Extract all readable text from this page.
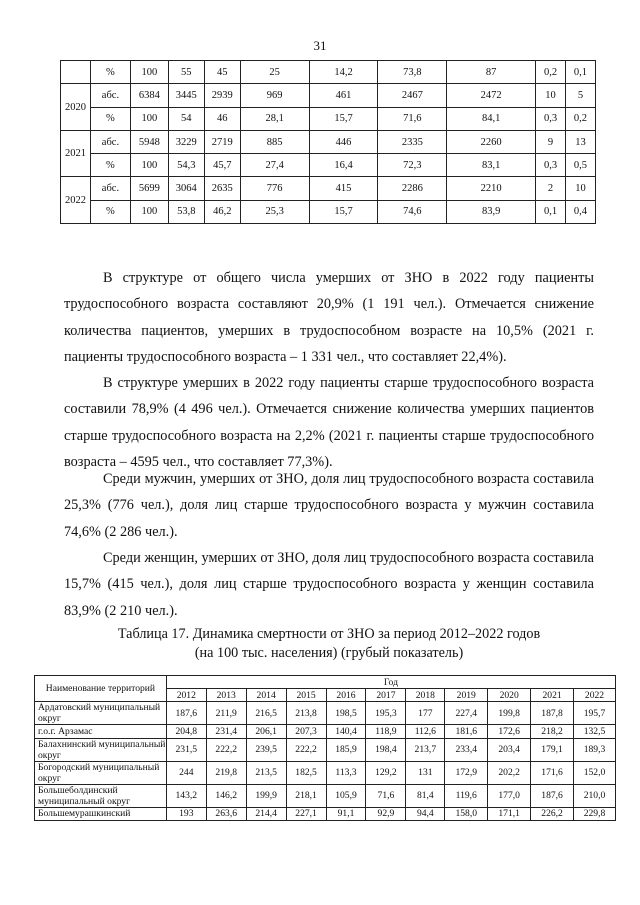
31
	%	100	55	45	25	14,2	73,8	87	0,2	0,1
2020	абс.	6384	3445	2939	969	461	2467	2472	10	5
	%	100	54	46	28,1	15,7	71,6	84,1	0,3	0,2
2021	абс.	5948	3229	2719	885	446	2335	2260	9	13
	%	100	54,3	45,7	27,4	16,4	72,3	83,1	0,3	0,5
2022	абс.	5699	3064	2635	776	415	2286	2210	2	10
	%	100	53,8	46,2	25,3	15,7	74,6	83,9	0,1	0,4

В структуре от общего числа умерших от ЗНО в 2022 году пациенты трудоспособного возраста составляют 20,9% (1 191 чел.). Отмечается снижение количества пациентов, умерших в трудоспособном возрасте на 10,5% (2021 г. пациенты трудоспособного возраста – 1 331 чел., что составляет 22,4%).

В структуре умерших в 2022 году пациенты старше трудоспособного возраста составили 78,9% (4 496 чел.). Отмечается снижение количества умерших пациентов старше трудоспособного возраста на 2,2% (2021 г. пациенты старше трудоспособного возраста – 4595 чел., что составляет 77,3%).

Среди мужчин, умерших от ЗНО, доля лиц трудоспособного возраста составила 25,3% (776 чел.), доля лиц старше трудоспособного возраста у мужчин составила 74,6% (2 286 чел.).

Среди женщин, умерших от ЗНО, доля лиц трудоспособного возраста составила 15,7% (415 чел.), доля лиц старше трудоспособного возраста у женщин составила 83,9% (2 210 чел.).

Таблица 17. Динамика смертности от ЗНО за период 2012–2022 годов
(на 100 тыс. населения) (грубый показатель)
Наименование территорий	Год										
	2012	2013	2014	2015	2016	2017	2018	2019	2020	2021	2022
Ардатовский муниципальный округ	187,6	211,9	216,5	213,8	198,5	195,3	177	227,4	199,8	187,8	195,7
г.о.г. Арзамас	204,8	231,4	206,1	207,3	140,4	118,9	112,6	181,6	172,6	218,2	132,5
Балахнинский муниципальный округ	231,5	222,2	239,5	222,2	185,9	198,4	213,7	233,4	203,4	179,1	189,3
Богородский муниципальный округ	244	219,8	213,5	182,5	113,3	129,2	131	172,9	202,2	171,6	152,0
Большеболдинский муниципальный округ	143,2	146,2	199,9	218,1	105,9	71,6	81,4	119,6	177,0	187,6	210,0
Большемурашкинский	193	263,6	214,4	227,1	91,1	92,9	94,4	158,0	171,1	226,2	229,8
